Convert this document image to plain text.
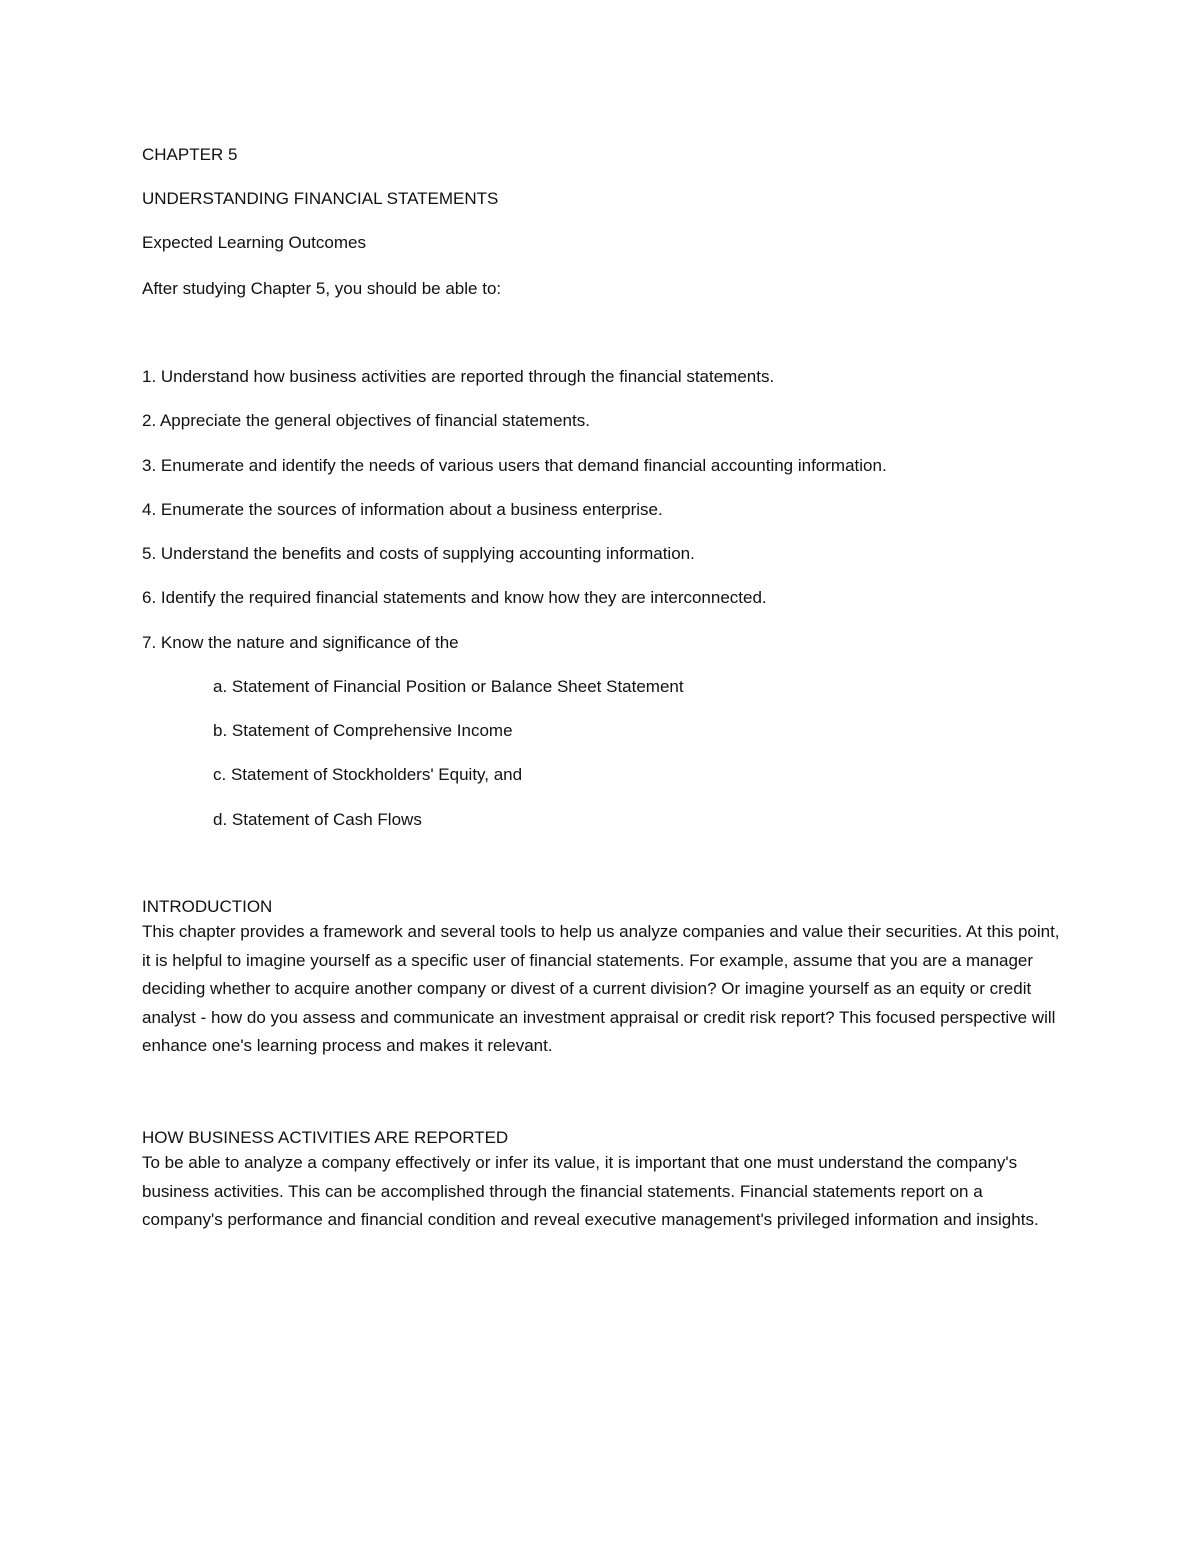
CHAPTER 5

UNDERSTANDING FINANCIAL STATEMENTS

Expected Learning Outcomes

After studying Chapter 5, you should be able to:

1. Understand how business activities are reported through the financial statements.

2. Appreciate the general objectives of financial statements.

3. Enumerate and identify the needs of various users that demand financial accounting information.

4. Enumerate the sources of information about a business enterprise.

5. Understand the benefits and costs of supplying accounting information.

6. Identify the required financial statements and know how they are interconnected.

7. Know the nature and significance of the

a. Statement of Financial Position or Balance Sheet Statement

b. Statement of Comprehensive Income

c. Statement of Stockholders' Equity, and

d. Statement of Cash Flows

INTRODUCTION

This chapter provides a framework and several tools to help us analyze companies and value their securities. At this point, it is helpful to imagine yourself as a specific user of financial statements. For example, assume that you are a manager deciding whether to acquire another company or divest of a current division? Or imagine yourself as an equity or credit analyst - how do you assess and communicate an investment appraisal or credit risk report? This focused perspective will enhance one's learning process and makes it relevant.

HOW BUSINESS ACTIVITIES ARE REPORTED

To be able to analyze a company effectively or infer its value, it is important that one must understand the company's business activities. This can be accomplished through the financial statements. Financial statements report on a company's performance and financial condition and reveal executive management's privileged information and insights.
